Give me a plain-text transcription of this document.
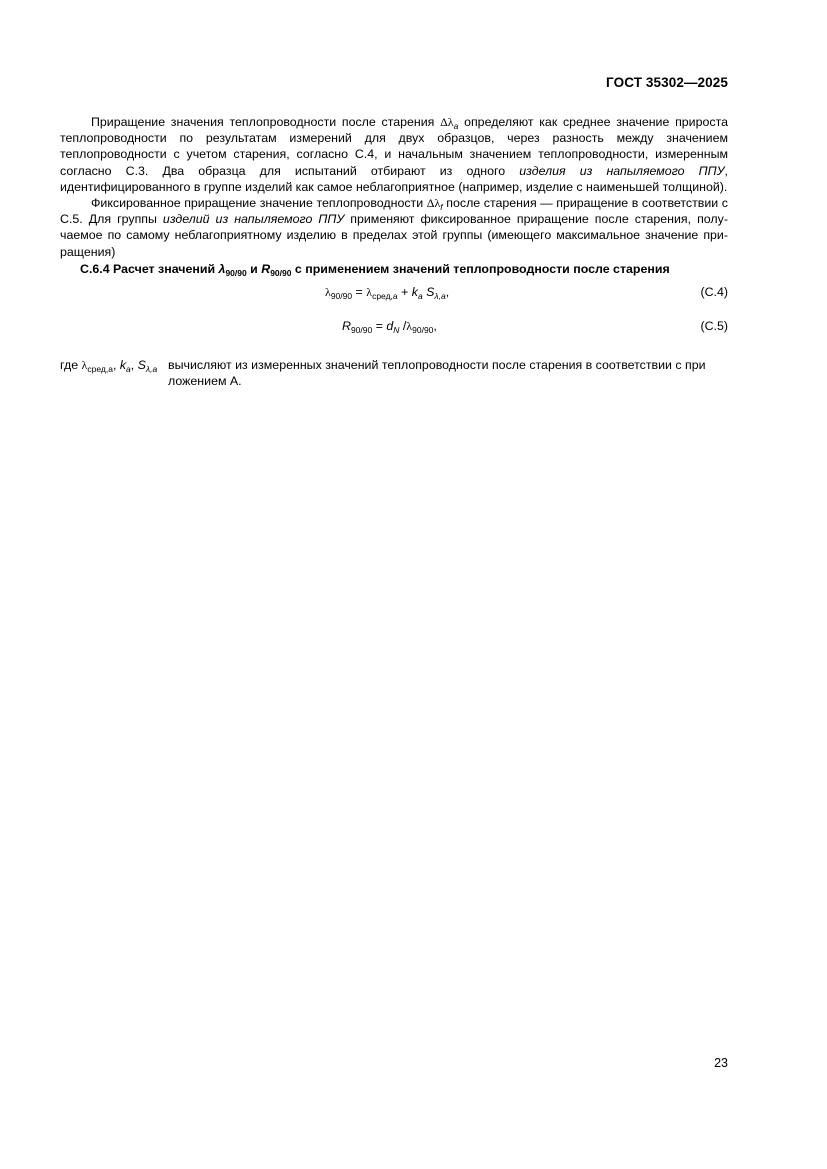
ГОСТ 35302—2025

Приращение значения теплопроводности после старения $\Delta\lambda_a$ определяют как среднее значение прироста теплопроводности по результатам измерений для двух образцов, через разность между значением теплопроводности с учетом старения, согласно С.4, и начальным значением теплопроводности, измеренным согласно С.3. Два образца для испытаний отбирают из одного изделия из напыляемого ППУ, идентифицированного в группе изделий как самое неблагоприятное (например, изделие с наименьшей толщиной).

Фиксированное приращение значение теплопроводности $\Delta\lambda_f$ после старения — приращение в соответствии с С.5. Для группы изделий из напыляемого ППУ применяют фиксированное приращение после старения, получаемое по самому неблагоприятному изделию в пределах этой группы (имеющего максимальное значение приращения)

С.6.4 Расчет значений $\lambda_{90/90}$ и $R_{90/90}$ с применением значений теплопроводности после старения

$\lambda_{90/90} = \lambda_{сред,a} + k_a$ $S_{\lambda,a}$,	(С.4)
$R_{90/90} = d_N$ $/\lambda_{90/90}$,	(С.5)
где $\lambda_{сред,a}$, $k_a$, $S_{\lambda,a}$ вычисляют из измеренных значений теплопроводности после старения в соответствии с при
ложением А.
23
